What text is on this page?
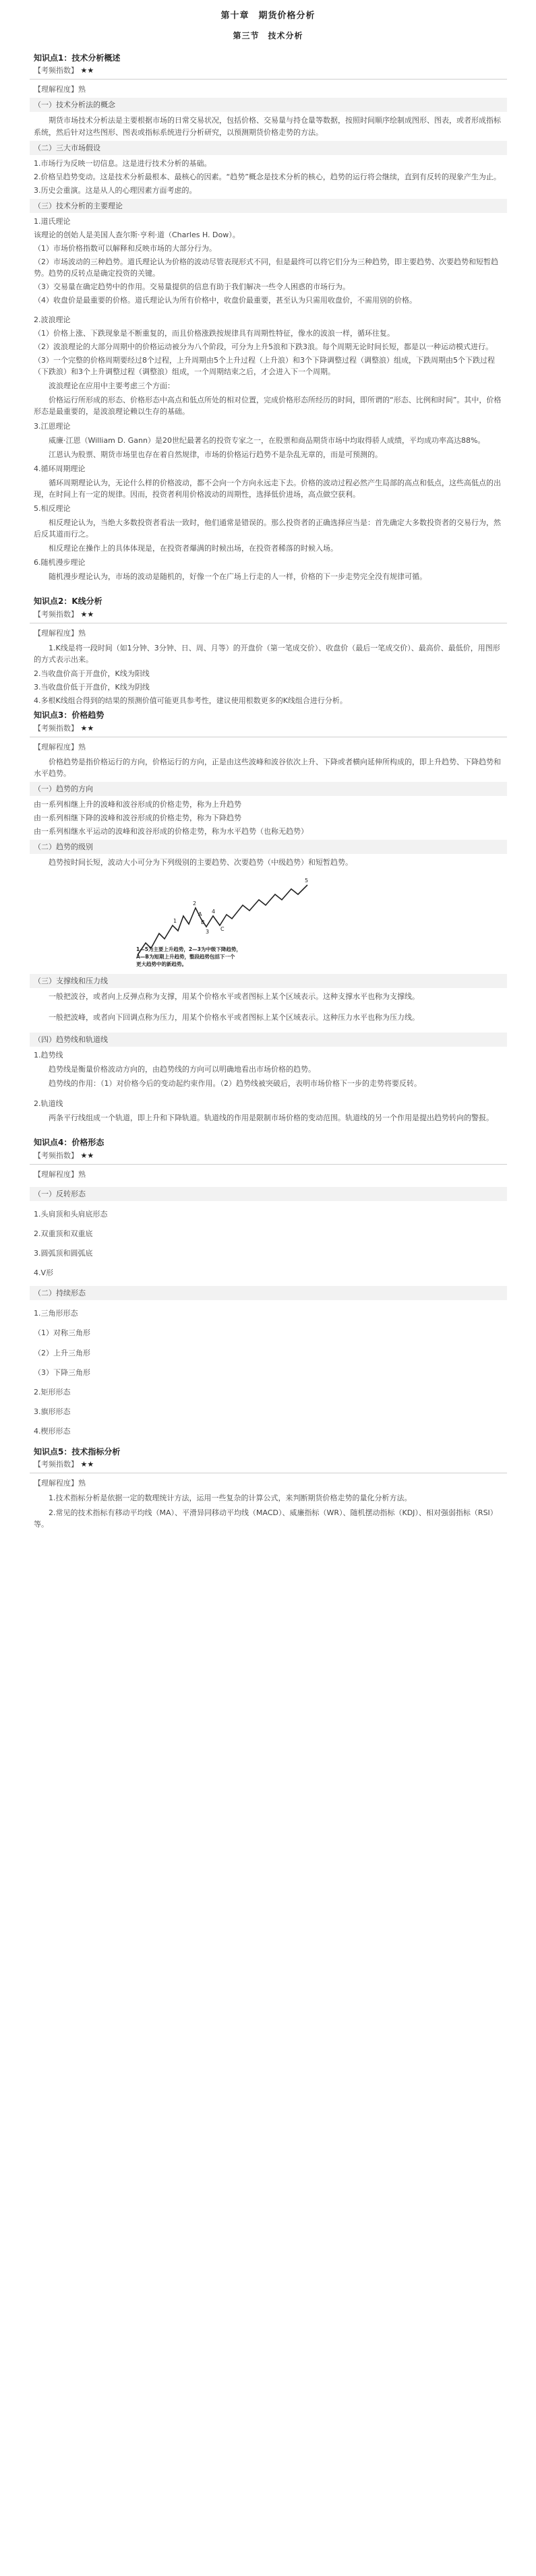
第十章　期货价格分析
第三节　技术分析
知识点1：技术分析概述
【考频指数】 ★★
【理解程度】熟
（一）技术分析法的概念
期货市场技术分析法是主要根据市场的日常交易状况，包括价格、交易量与持仓量等数据，按照时间顺序绘制成图形、图表，或者形成指标系统，然后针对这些图形、图表或指标系统进行分析研究，以预测期货价格走势的方法。
（二）三大市场假设
1.市场行为反映一切信息。这是进行技术分析的基础。
2.价格呈趋势变动。这是技术分析最根本、最核心的因素。“趋势”概念是技术分析的核心，趋势的运行将会继续，直到有反转的现象产生为止。
3.历史会重演。这是从人的心理因素方面考虑的。
（三）技术分析的主要理论
1.道氏理论
该理论的创始人是美国人查尔斯·亨利·道（Charles H. Dow）。
（1）市场价格指数可以解释和反映市场的大部分行为。
（2）市场波动的三种趋势。道氏理论认为价格的波动尽管表现形式不同，但是最终可以将它们分为三种趋势，即主要趋势、次要趋势和短暂趋势。趋势的反转点是确定投资的关键。
（3）交易量在确定趋势中的作用。交易量提供的信息有助于我们解决一些令人困惑的市场行为。
（4）收盘价是最重要的价格。道氏理论认为所有价格中，收盘价最重要，甚至认为只需用收盘价，不需用别的价格。
2.波浪理论
（1）价格上涨、下跌现象是不断重复的，而且价格涨跌按规律具有周期性特征，像水的波浪一样，循环往复。
（2）波浪理论的大部分周期中的价格运动被分为八个阶段，可分为上升5浪和下跌3浪。每个周期无论时间长短，都是以一种运动模式进行。
（3）一个完整的价格周期要经过8个过程，上升周期由5个上升过程（上升浪）和3个下降调整过程（调整浪）组成，下跌周期由5个下跌过程（下跌浪）和3个上升调整过程（调整浪）组成，一个周期结束之后，才会进入下一个周期。
波浪理论在应用中主要考虑三个方面：
价格运行所形成的形态、价格形态中高点和低点所处的相对位置，完成价格形态所经历的时间，即所谓的“形态、比例和时间”。其中，价格形态是最重要的，是波浪理论赖以生存的基础。
3.江恩理论
威廉·江恩（William D. Gann）是20世纪最著名的投资专家之一，在股票和商品期货市场中均取得骄人成绩，平均成功率高达88%。
江恩认为股票、期货市场里也存在着自然规律，市场的价格运行趋势不是杂乱无章的，而是可预测的。
4.循环周期理论
循环周期理论认为，无论什么样的价格波动，都不会向一个方向永远走下去。价格的波动过程必然产生局部的高点和低点，这些高低点的出现，在时间上有一定的规律。因而，投资者利用价格波动的周期性，选择低价进场，高点做空获利。
5.相反理论
相反理论认为，当绝大多数投资者看法一致时，他们通常是错误的。那么投资者的正确选择应当是：首先确定大多数投资者的交易行为，然后反其道而行之。
相反理论在操作上的具体体现是，在投资者爆满的时候出场，在投资者稀落的时候入场。
6.随机漫步理论
随机漫步理论认为，市场的波动是随机的，好像一个在广场上行走的人一样，价格的下一步走势完全没有规律可循。
知识点2：K线分析
【考频指数】 ★★
【理解程度】熟
1.K线是将一段时间（如1分钟、3分钟、日、周、月等）的开盘价（第一笔成交价）、收盘价（最后一笔成交价）、最高价、最低价，用图形的方式表示出来。
2.当收盘价高于开盘价，K线为阳线
3.当收盘价低于开盘价，K线为阴线
4.多根K线组合得到的结果的预测价值可能更具参考性，建议使用根数更多的K线组合进行分析。
知识点3：价格趋势
【考频指数】 ★★
【理解程度】熟
价格趋势是指价格运行的方向，价格运行的方向，正是由这些波峰和波谷依次上升、下降或者横向延伸所构成的，即上升趋势、下降趋势和水平趋势。
（一）趋势的方向
由一系列相继上升的波峰和波谷形成的价格走势，称为上升趋势
由一系列相继下降的波峰和波谷形成的价格走势，称为下降趋势
由一系列相继水平运动的波峰和波谷形成的价格走势，称为水平趋势（也称无趋势）
（二）趋势的级别
趋势按时间长短，波动大小可分为下列级别的主要趋势、次要趋势（中级趋势）和短暂趋势。
1
2
3
4
5
A
B
C
1—5为主要上升趋势，2—3为中级下降趋势，
A—B为短期上升趋势，整段趋势包括下一个
更大趋势中的新趋势。
（三）支撑线和压力线
一般把波谷，或者向上反弹点称为支撑，用某个价格水平或者图标上某个区域表示。这种支撑水平也称为支撑线。
一般把波峰，或者向下回调点称为压力，用某个价格水平或者图标上某个区域表示。这种压力水平也称为压力线。
（四）趋势线和轨道线
1.趋势线
趋势线是衡量价格波动方向的，由趋势线的方向可以明确地看出市场价格的趋势。
趋势线的作用：（1）对价格今后的变动起约束作用。（2）趋势线被突破后，表明市场价格下一步的走势将要反转。
2.轨道线
两条平行线组成一个轨道，即上升和下降轨道。轨道线的作用是限制市场价格的变动范围。轨道线的另一个作用是提出趋势转向的警报。
知识点4：价格形态
【考频指数】 ★★
【理解程度】熟
（一）反转形态
1.头肩顶和头肩底形态
2.双重顶和双重底
3.圆弧顶和圆弧底
4.V形
（二）持续形态
1.三角形形态
（1）对称三角形
（2）上升三角形
（3）下降三角形
2.矩形形态
3.旗形形态
4.楔形形态
知识点5：技术指标分析
【考频指数】 ★★
【理解程度】熟
1.技术指标分析是依据一定的数理统计方法，运用一些复杂的计算公式，来判断期货价格走势的量化分析方法。
2.常见的技术指标有移动平均线（MA）、平滑异同移动平均线（MACD）、威廉指标（WR）、随机摆动指标（KDJ）、相对强弱指标（RSI）等。
